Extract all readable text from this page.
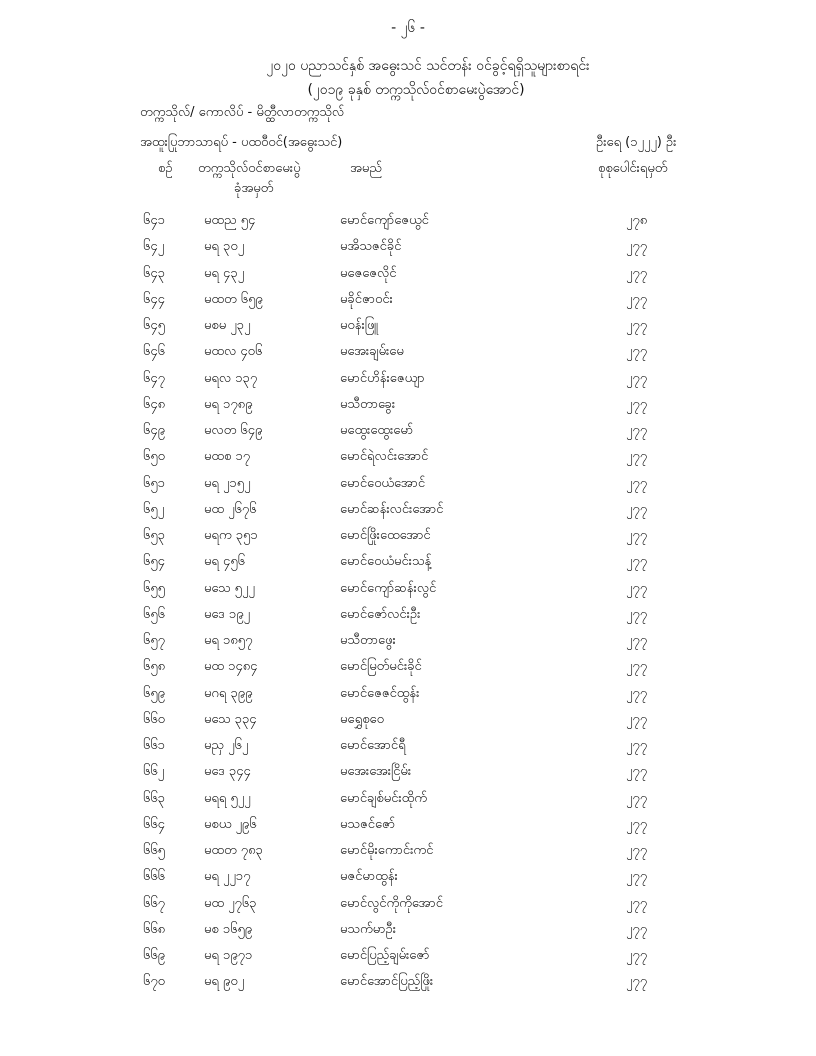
- ၂၆ -
၂၀၂၀ ပညာသင်နှစ် အဓွေးသင် သင်တန်း ဝင်ခွင့်ရရှိသူများစာရင်း
(၂၀၁၉ ခုနှစ် တက္ကသိုလ်ဝင်စာမေးပွဲအောင်)
တက္ကသိုလ်/ ကောလိပ် - မိတ္ထီလာတက္ကသိုလ်
အထူးပြုဘာသာရပ် - ပထဝီဝင်(အဓွေးသင်)	ဦးရေ (၁၂၂၂) ဦး
စဉ် တက္ကသိုလ်ဝင်စာမေးပွဲ
ခုံအမှတ်
အမည်	စုစုပေါင်းရမှတ်
၆၄၁	မထည ၅၄	မောင်ကျော်ဇေယွင်	၂၇၈
၆၄၂	မရ ၃၀၂	မအိသဇင်ခိုင်	၂၇၇
၆၄၃	မရ ၄၃၂	မဇေဇေလိုင်	၂၇၇
၆၄၄	မထတ ၆၅၉	မခိုင်ဇာဝင်း	၂၇၇
၆၄၅	မစမ ၂၃၂	မဝန်းဖြူ	၂၇၇
၆၄၆	မထလ ၄၀၆	မအေးချမ်းမေ	၂၇၇
၆၄၇	မရလ ၁၃၇	မောင်ဟိန်းဇေယျာ	၂၇၇
၆၄၈	မရ ၁၇၈၉	မသီတာခွေး	၂၇၇
၆၄၉	မလတ ၆၄၉	မထွေးထွေးမော်	၂၇၇
၆၅၀	မထစ ၁၇	မောင်ရဲလင်းအောင်	၂၇၇
၆၅၁	မရ ၂၁၅၂	မောင်ဝေယံအောင်	၂၇၇
၆၅၂	မထ ၂၆၇၆	မောင်ဆန်းလင်းအောင်	၂၇၇
၆၅၃	မရက ၃၅၁	မောင်ဖြိုးထေအောင်	၂၇၇
၆၅၄	မရ ၄၅၆	မောင်ဝေယံမင်းသန့်	၂၇၇
၆၅၅	မသေ ၅၂၂	မောင်ကျော်ဆန်းလွင်	၂၇၇
၆၅၆	မဒေ ၁၉၂	မောင်ဇော်လင်းဦး	၂၇၇
၆၅၇	မရ ၁၈၅၇	မသီတာဖွေး	၂၇၇
၆၅၈	မထ ၁၄၈၄	မောင်မြတ်မင်းခိုင်	၂၇၇
၆၅၉	မဂရ ၃၉၉	မောင်ဇေဇင်ထွန်း	၂၇၇
၆၆၀	မသေ ၃၃၄	မရွှေစုဝေ	၂၇၇
၆၆၁	မညှ ၂၆၂	မောင်အောင်ရီ	၂၇၇
၆၆၂	မဒေ ၃၄၄	မအေးအေးငြိမ်း	၂၇၇
၆၆၃	မရရ ၅၂၂	မောင်ချစ်မင်းထိုက်	၂၇၇
၆၆၄	မစယ ၂၉၆	မသဇင်ဇော်	၂၇၇
၆၆၅	မထတ ၇၈၃	မောင်မိုးကောင်းကင်	၂၇၇
၆၆၆	မရ ၂၂၁၇	မဇင်မာထွန်း	၂၇၇
၆၆၇	မထ ၂၇၆၃	မောင်လွင်ကိုကိုအောင်	၂၇၇
၆၆၈	မစ ၁၆၅၉	မသက်မာဦး	၂၇၇
၆၆၉	မရ ၁၉၇၁	မောင်ပြည့်ချမ်းဇော်	၂၇၇
၆၇၀	မရ ၉၀၂	မောင်အောင်ပြည့်ဖြိုး	၂၇၇
